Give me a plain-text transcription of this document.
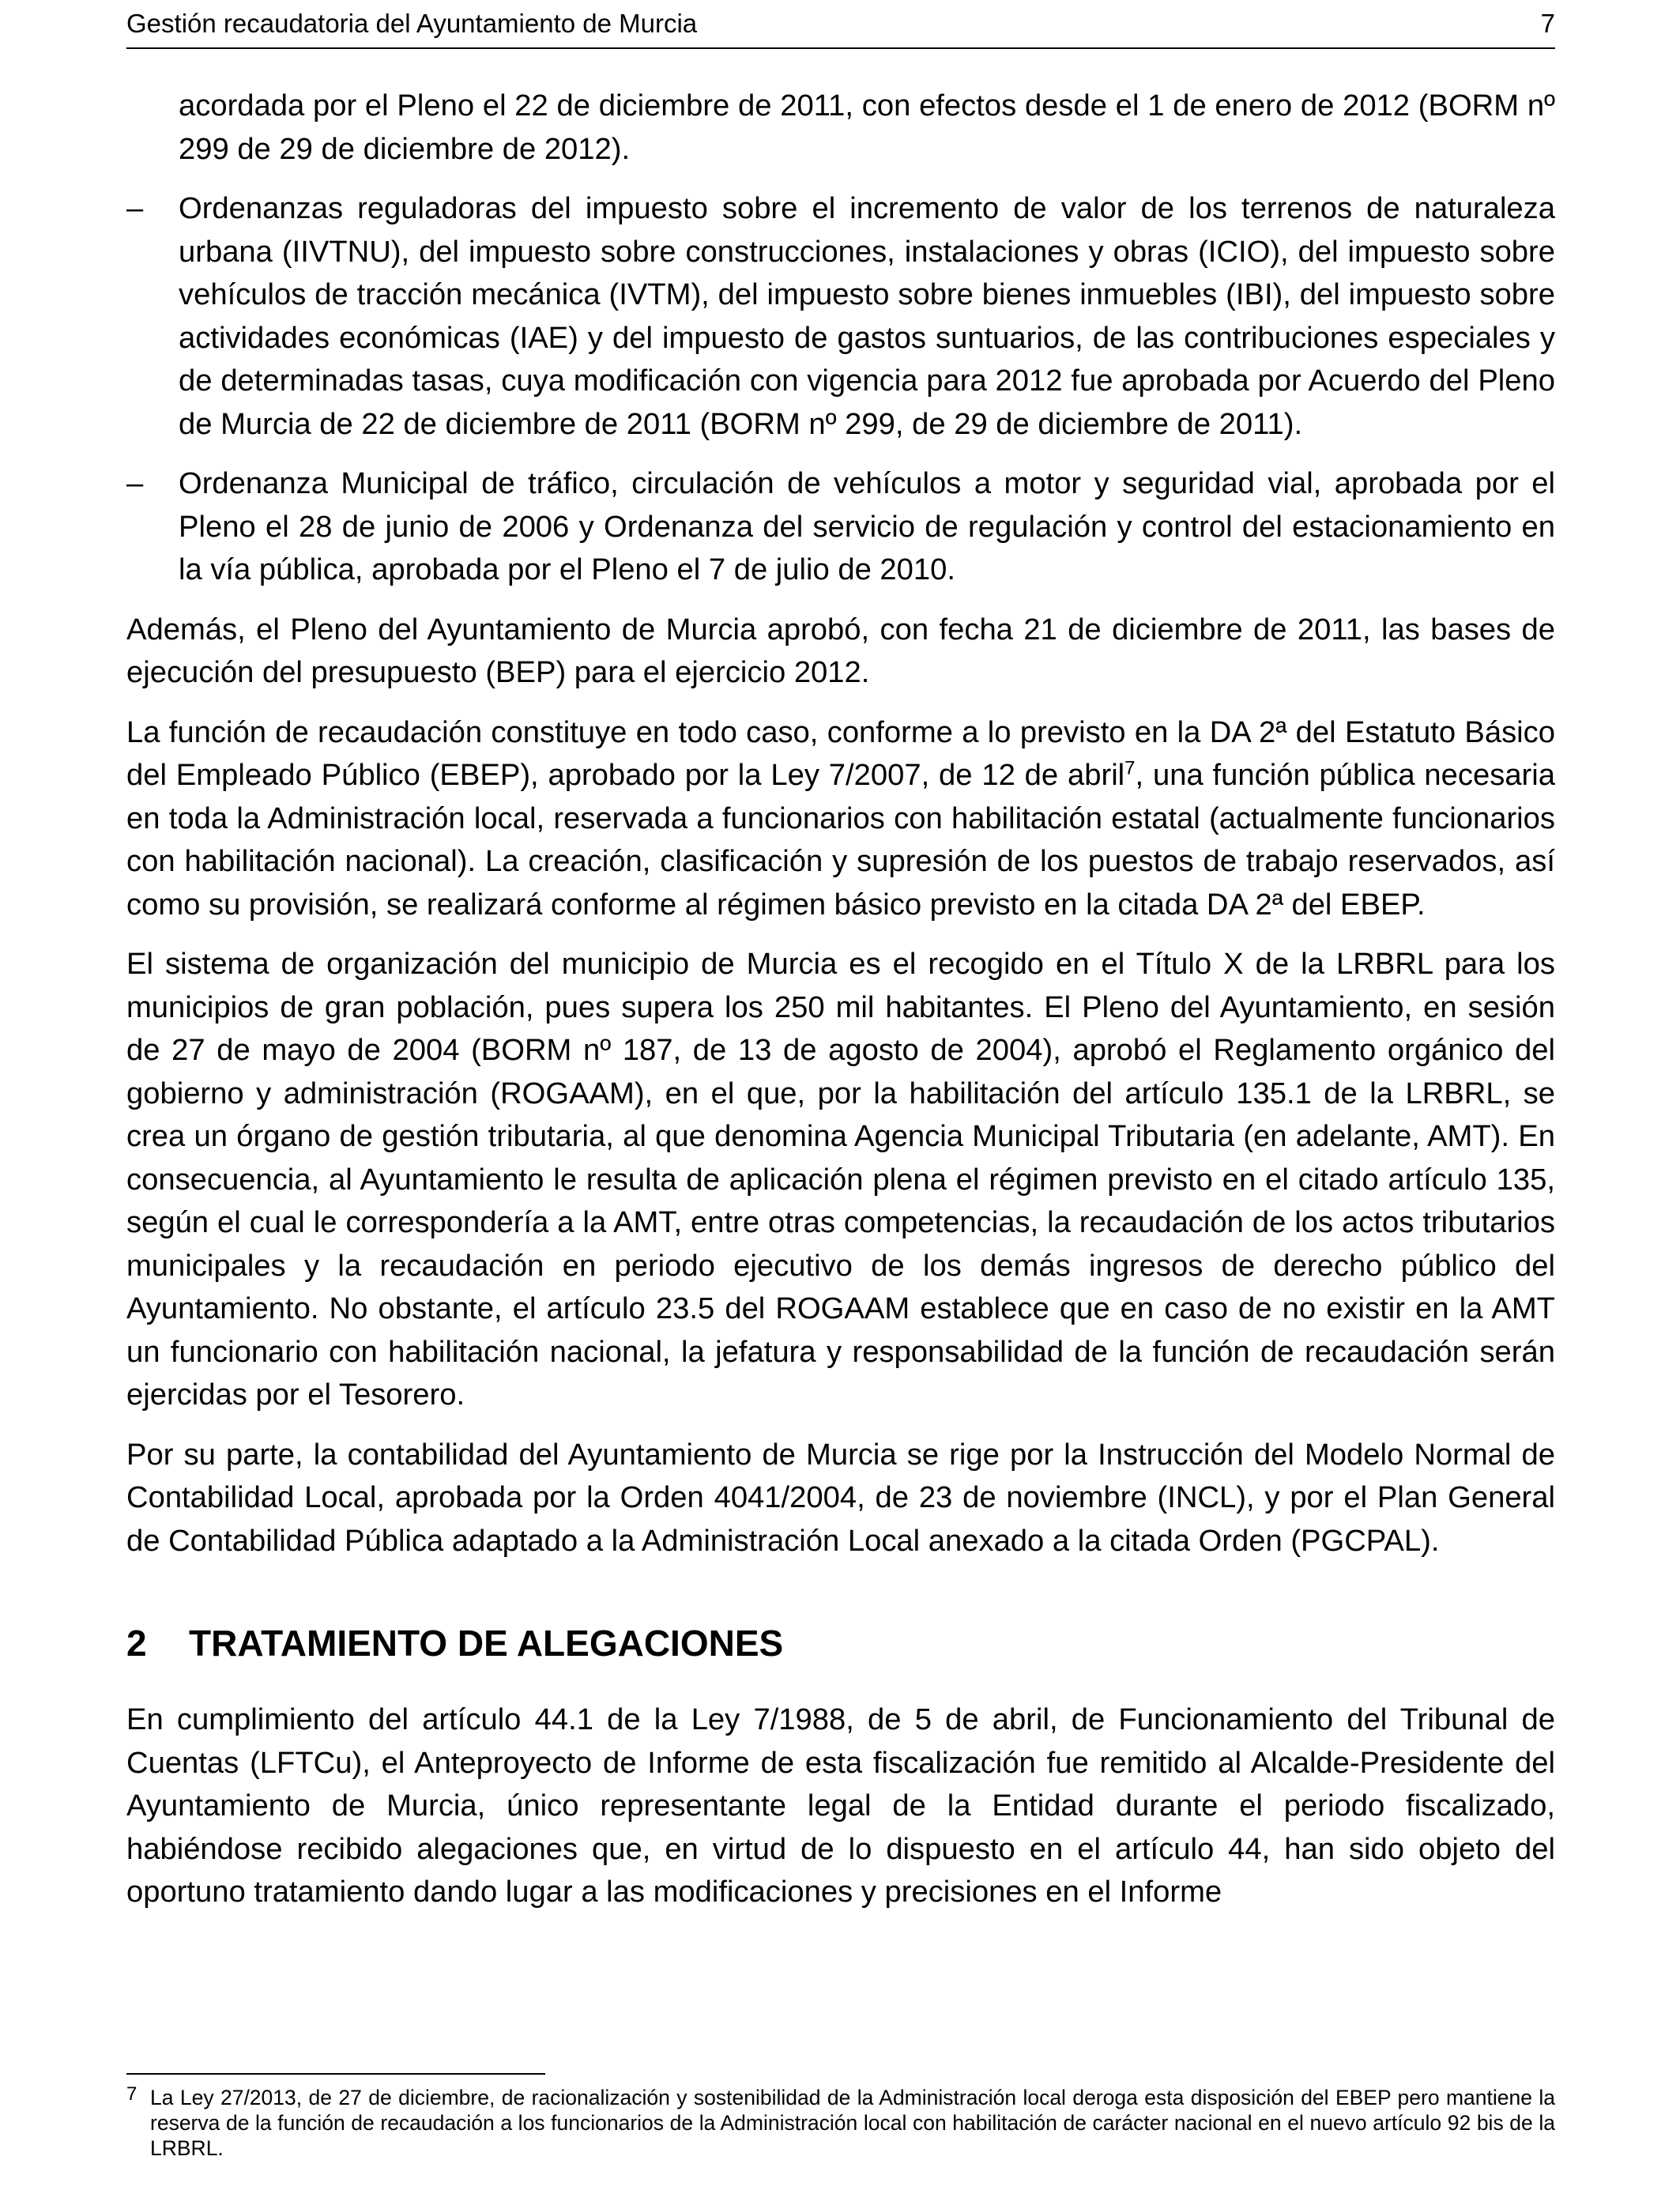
Gestión recaudatoria del Ayuntamiento de Murcia	7

acordada por el Pleno el 22 de diciembre de 2011, con efectos desde el 1 de enero de 2012 (BORM nº 299 de 29 de diciembre de 2012).

– Ordenanzas reguladoras del impuesto sobre el incremento de valor de los terrenos de naturaleza urbana (IIVTNU), del impuesto sobre construcciones, instalaciones y obras (ICIO), del impuesto sobre vehículos de tracción mecánica (IVTM), del impuesto sobre bienes inmuebles (IBI), del impuesto sobre actividades económicas (IAE) y del impuesto de gastos suntuarios, de las contribuciones especiales y de determinadas tasas, cuya modificación con vigencia para 2012 fue aprobada por Acuerdo del Pleno de Murcia de 22 de diciembre de 2011 (BORM nº 299, de 29 de diciembre de 2011).

– Ordenanza Municipal de tráfico, circulación de vehículos a motor y seguridad vial, aprobada por el Pleno el 28 de junio de 2006 y Ordenanza del servicio de regulación y control del estacionamiento en la vía pública, aprobada por el Pleno el 7 de julio de 2010.

Además, el Pleno del Ayuntamiento de Murcia aprobó, con fecha 21 de diciembre de 2011, las bases de ejecución del presupuesto (BEP) para el ejercicio 2012.

La función de recaudación constituye en todo caso, conforme a lo previsto en la DA 2ª del Estatuto Básico del Empleado Público (EBEP), aprobado por la Ley 7/2007, de 12 de abril$^7$, una función pública necesaria en toda la Administración local, reservada a funcionarios con habilitación estatal (actualmente funcionarios con habilitación nacional). La creación, clasificación y supresión de los puestos de trabajo reservados, así como su provisión, se realizará conforme al régimen básico previsto en la citada DA 2ª del EBEP.

El sistema de organización del municipio de Murcia es el recogido en el Título X de la LRBRL para los municipios de gran población, pues supera los 250 mil habitantes. El Pleno del Ayuntamiento, en sesión de 27 de mayo de 2004 (BORM nº 187, de 13 de agosto de 2004), aprobó el Reglamento orgánico del gobierno y administración (ROGAAM), en el que, por la habilitación del artículo 135.1 de la LRBRL, se crea un órgano de gestión tributaria, al que denomina Agencia Municipal Tributaria (en adelante, AMT). En consecuencia, al Ayuntamiento le resulta de aplicación plena el régimen previsto en el citado artículo 135, según el cual le correspondería a la AMT, entre otras competencias, la recaudación de los actos tributarios municipales y la recaudación en periodo ejecutivo de los demás ingresos de derecho público del Ayuntamiento. No obstante, el artículo 23.5 del ROGAAM establece que en caso de no existir en la AMT un funcionario con habilitación nacional, la jefatura y responsabilidad de la función de recaudación serán ejercidas por el Tesorero.

Por su parte, la contabilidad del Ayuntamiento de Murcia se rige por la Instrucción del Modelo Normal de Contabilidad Local, aprobada por la Orden 4041/2004, de 23 de noviembre (INCL), y por el Plan General de Contabilidad Pública adaptado a la Administración Local anexado a la citada Orden (PGCPAL).

2	TRATAMIENTO DE ALEGACIONES

En cumplimiento del artículo 44.1 de la Ley 7/1988, de 5 de abril, de Funcionamiento del Tribunal de Cuentas (LFTCu), el Anteproyecto de Informe de esta fiscalización fue remitido al Alcalde-Presidente del Ayuntamiento de Murcia, único representante legal de la Entidad durante el periodo fiscalizado, habiéndose recibido alegaciones que, en virtud de lo dispuesto en el artículo 44, han sido objeto del oportuno tratamiento dando lugar a las modificaciones y precisiones en el Informe

7 La Ley 27/2013, de 27 de diciembre, de racionalización y sostenibilidad de la Administración local deroga esta disposición del EBEP pero mantiene la reserva de la función de recaudación a los funcionarios de la Administración local con habilitación de carácter nacional en el nuevo artículo 92 bis de la LRBRL.
